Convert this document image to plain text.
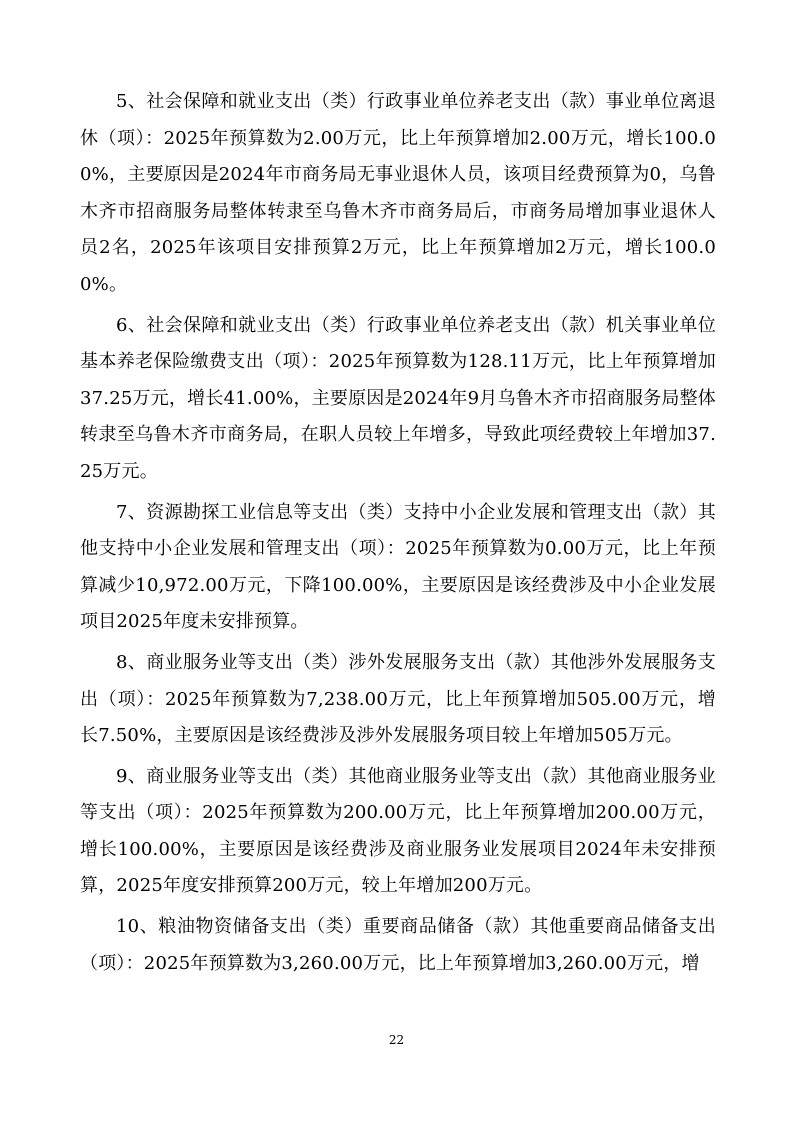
5、社会保障和就业支出（类）行政事业单位养老支出（款）事业单位离退休（项）：2025年预算数为2.00万元，比上年预算增加2.00万元，增长100.00%，主要原因是2024年市商务局无事业退休人员，该项目经费预算为0，乌鲁木齐市招商服务局整体转隶至乌鲁木齐市商务局后，市商务局增加事业退休人员2名，2025年该项目安排预算2万元，比上年预算增加2万元，增长100.00%。

6、社会保障和就业支出（类）行政事业单位养老支出（款）机关事业单位基本养老保险缴费支出（项）：2025年预算数为128.11万元，比上年预算增加37.25万元，增长41.00%，主要原因是2024年9月乌鲁木齐市招商服务局整体转隶至乌鲁木齐市商务局，在职人员较上年增多，导致此项经费较上年增加37.25万元。

7、资源勘探工业信息等支出（类）支持中小企业发展和管理支出（款）其他支持中小企业发展和管理支出（项）：2025年预算数为0.00万元，比上年预算减少10,972.00万元，下降100.00%，主要原因是该经费涉及中小企业发展项目2025年度未安排预算。

8、商业服务业等支出（类）涉外发展服务支出（款）其他涉外发展服务支出（项）：2025年预算数为7,238.00万元，比上年预算增加505.00万元，增长7.50%，主要原因是该经费涉及涉外发展服务项目较上年增加505万元。

9、商业服务业等支出（类）其他商业服务业等支出（款）其他商业服务业等支出（项）：2025年预算数为200.00万元，比上年预算增加200.00万元，增长100.00%，主要原因是该经费涉及商业服务业发展项目2024年未安排预算，2025年度安排预算200万元，较上年增加200万元。

10、粮油物资储备支出（类）重要商品储备（款）其他重要商品储备支出（项）：2025年预算数为3,260.00万元，比上年预算增加3,260.00万元，增

22
